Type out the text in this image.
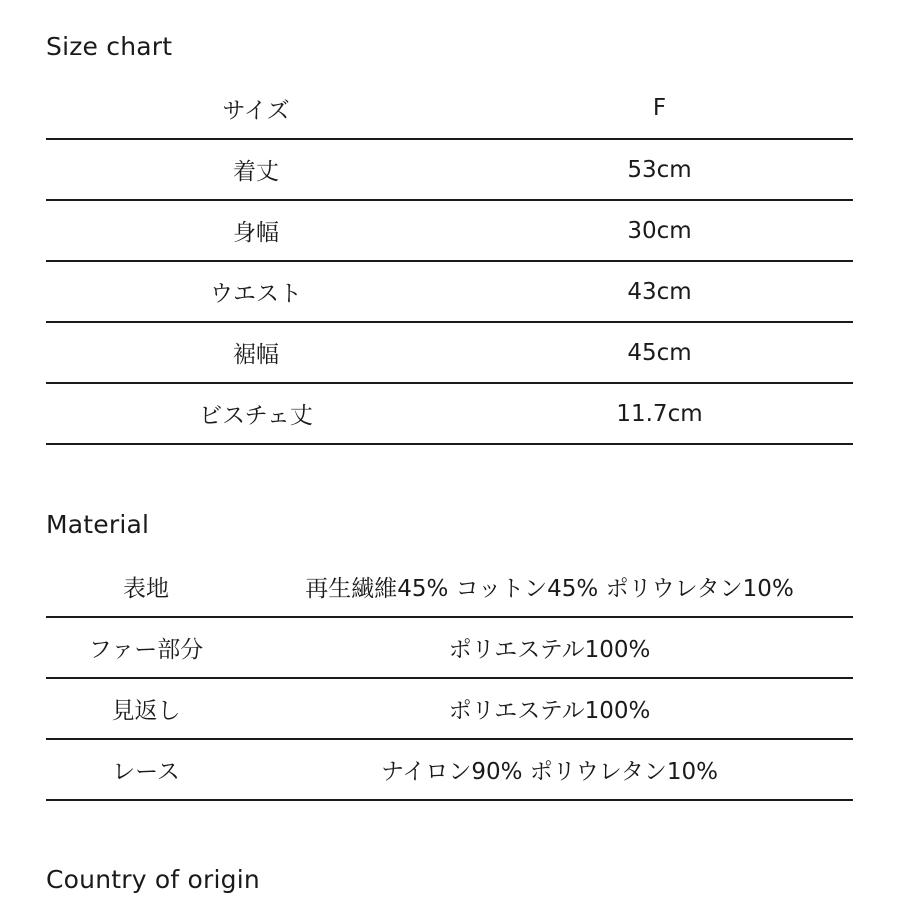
Size chart
サイズ	F
着丈	53cm
身幅	30cm
ウエスト	43cm
裾幅	45cm
ビスチェ丈	11.7cm
Material
表地	再生繊維45% コットン45% ポリウレタン10%
ファー部分	ポリエステル100%
見返し	ポリエステル100%
レース	ナイロン90% ポリウレタン10%
Country of origin
